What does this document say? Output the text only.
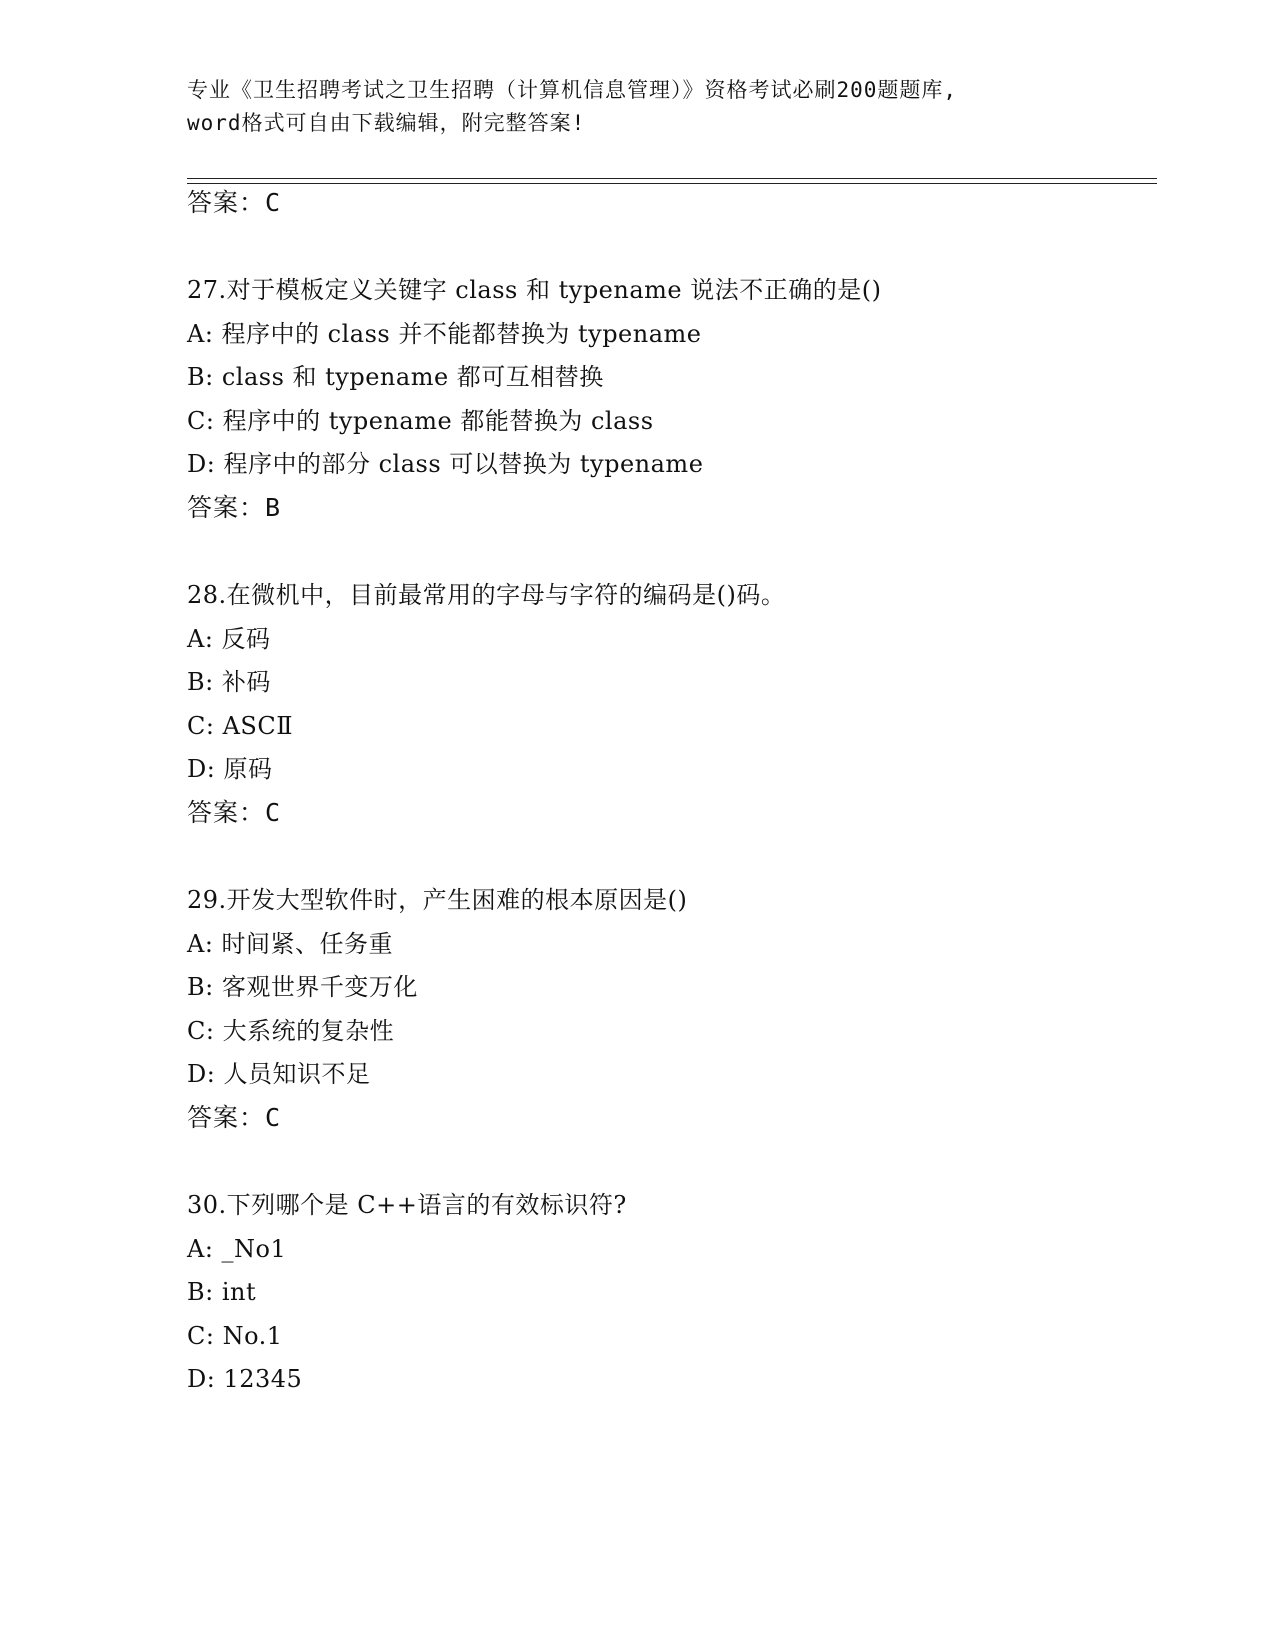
专业《卫生招聘考试之卫生招聘（计算机信息管理）》资格考试必刷200题题库,
word格式可自由下载编辑，附完整答案!
答案：C
27.对于模板定义关键字 class 和 typename 说法不正确的是()
A: 程序中的 class 并不能都替换为 typename
B: class 和 typename 都可互相替换
C: 程序中的 typename 都能替换为 class
D: 程序中的部分 class 可以替换为 typename
答案：B
28.在微机中，目前最常用的字母与字符的编码是()码。
A: 反码
B: 补码
C: ASCⅡ
D: 原码
答案：C
29.开发大型软件时，产生困难的根本原因是()
A: 时间紧、任务重
B: 客观世界千变万化
C: 大系统的复杂性
D: 人员知识不足
答案：C
30.下列哪个是 C++语言的有效标识符?
A: _No1
B: int
C: No.1
D: 12345
